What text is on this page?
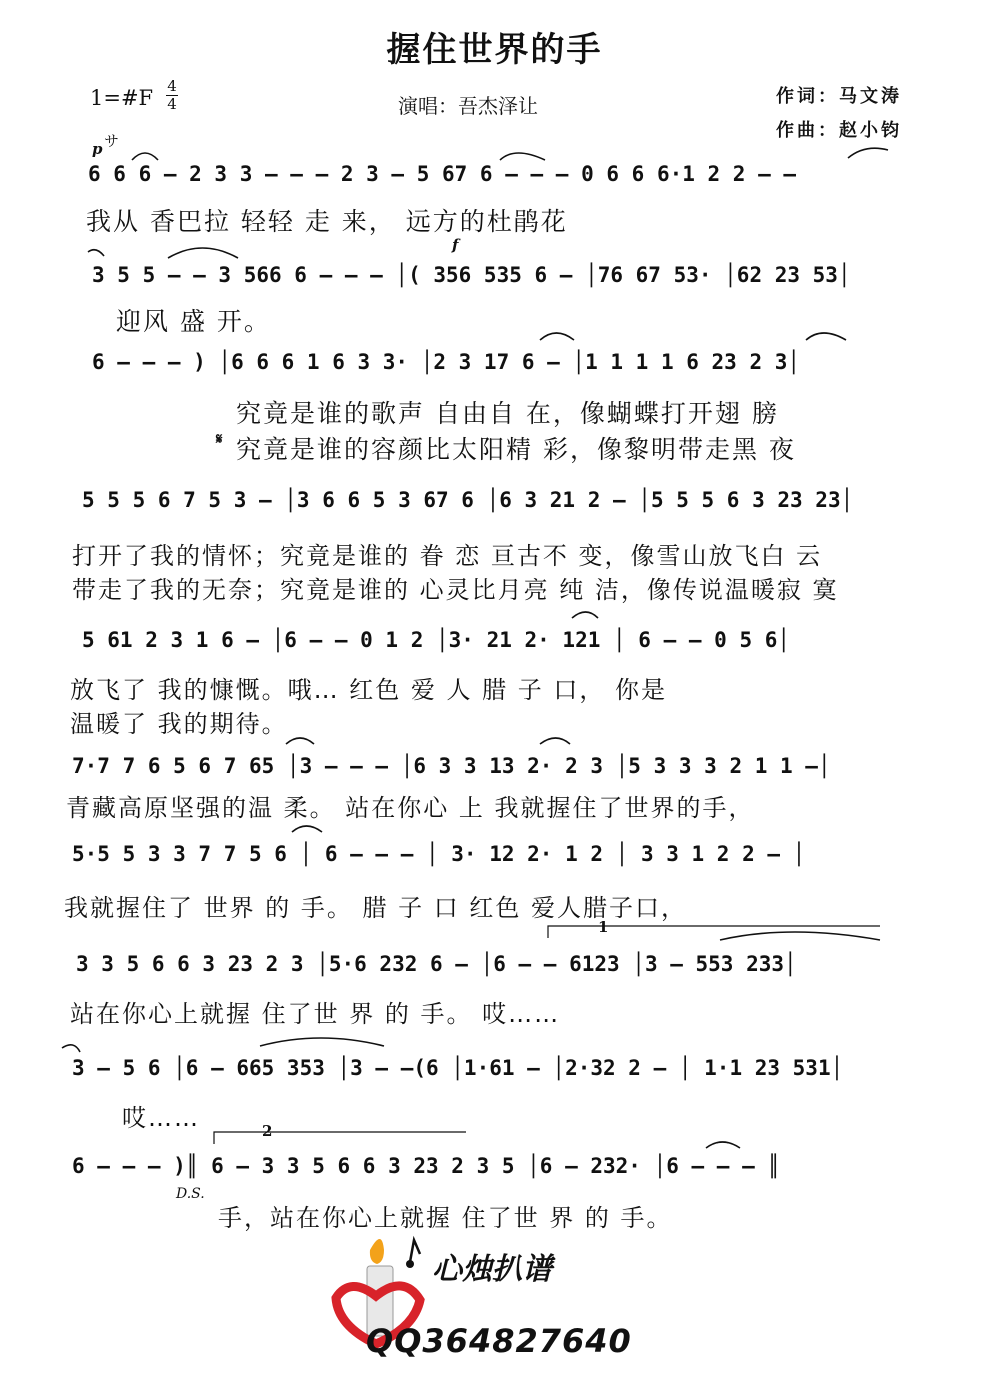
握住世界的手
1=#F 4
4	演唱：吾杰泽让	作词：马文涛
作曲：赵小钧
p サ
f
𝄋
D.S.
1
2
6 6 6 – 2 3 3 – – – 2 3 – 5 67 6 – – – 0 6 6 6·1 2 2 – –
我从 香巴拉 轻轻 走 来， 远方的杜鹃花
3 5 5 – – 3 566 6 – – – │( 356 535 6 – │76 67 53· │62 23 53│
迎风 盛 开。
6 – – – ) │6 6 6 1 6 3 3· │2 3 17 6 – │1 1 1 1 6 23 2 3│
究竟是谁的歌声 自由自 在，像蝴蝶打开翅 膀
究竟是谁的容颜比太阳精 彩，像黎明带走黑 夜
5 5 5 6 7 5 3 – │3 6 6 5 3 67 6 │6 3 21 2 – │5 5 5 6 3 23 23│
打开了我的情怀；究竟是谁的 眷 恋 亘古不 变，像雪山放飞白 云
带走了我的无奈；究竟是谁的 心灵比月亮 纯 洁，像传说温暖寂 寞
5 61 2 3 1 6 – │6 – – 0 1 2 │3· 21 2· 121 │ 6 – – 0 5 6│
放飞了 我的慷慨。哦… 红色 爱 人 腊 子 口， 你是
温暖了 我的期待。
7·7 7 6 5 6 7 65 │3 – – – │6 3 3 13 2· 2 3 │5 3 3 3 2 1 1 –│
青藏高原坚强的温 柔。 站在你心 上 我就握住了世界的手，
5·5 5 3 3 7 7 5 6 │ 6 – – – │ 3· 12 2· 1 2 │ 3 3 1 2 2 – │
我就握住了 世界 的 手。 腊 子 口 红色 爱人腊子口，
3 3 5 6 6 3 23 2 3 │5·6 232 6 – │6 – – 6123 │3 – 553 233│
站在你心上就握 住了世 界 的 手。 哎……
3 – 5 6 │6 – 665 353 │3 – –(6 │1·61 – │2·32 2 – │ 1·1 23 531│
哎……
6 – – – )║ 6 – 3 3 5 6 6 3 23 2 3 5 │6 – 232· │6 – – – ║
手，站在你心上就握 住了世 界 的 手。
心烛扒谱
QQ364827640
